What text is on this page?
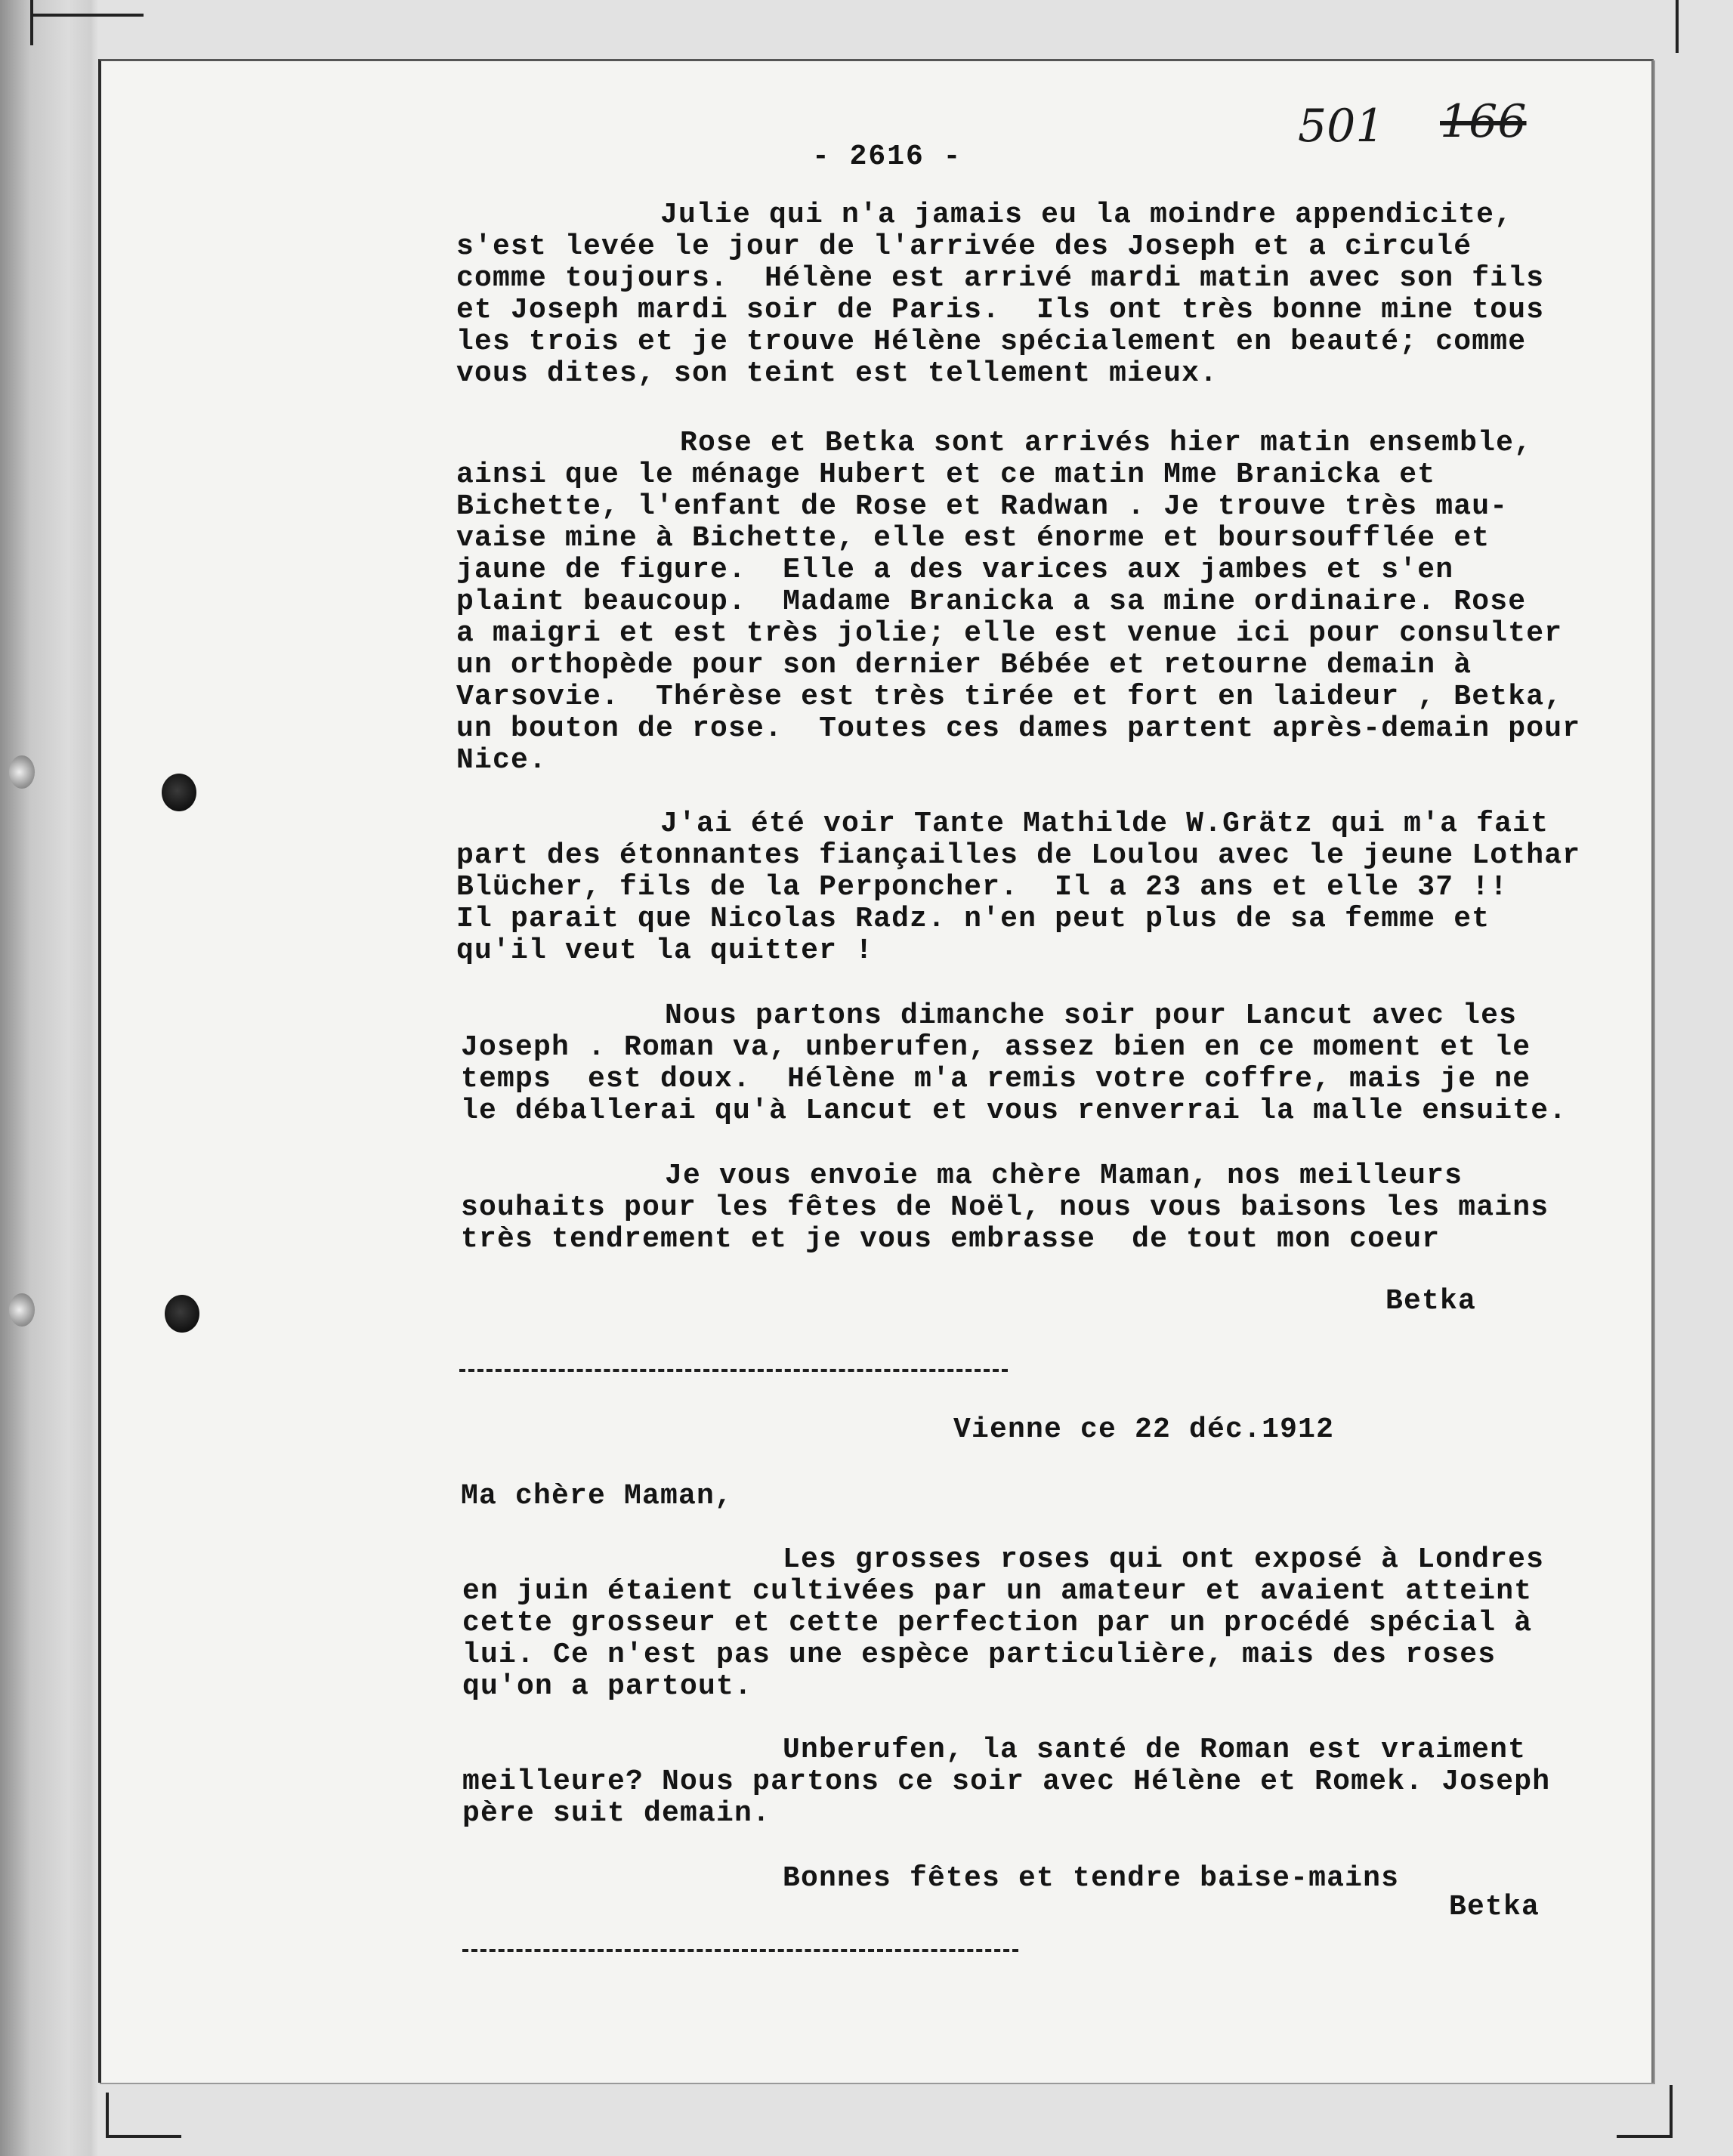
- 2616 -
501 166
Julie qui n'a jamais eu la moindre appendicite,
s'est levée le jour de l'arrivée des Joseph et a circulé
comme toujours.  Hélène est arrivé mardi matin avec son fils
et Joseph mardi soir de Paris.  Ils ont très bonne mine tous
les trois et je trouve Hélène spécialement en beauté; comme
vous dites, son teint est tellement mieux.
Rose et Betka sont arrivés hier matin ensemble,
ainsi que le ménage Hubert et ce matin Mme Branicka et
Bichette, l'enfant de Rose et Radwan . Je trouve très mau-
vaise mine à Bichette, elle est énorme et boursoufflée et
jaune de figure.  Elle a des varices aux jambes et s'en
plaint beaucoup.  Madame Branicka a sa mine ordinaire. Rose
a maigri et est très jolie; elle est venue ici pour consulter
un orthopède pour son dernier Bébée et retourne demain à
Varsovie.  Thérèse est très tirée et fort en laideur , Betka,
un bouton de rose.  Toutes ces dames partent après-demain pour
Nice.
J'ai été voir Tante Mathilde W.Grätz qui m'a fait
part des étonnantes fiançailles de Loulou avec le jeune Lothar
Blücher, fils de la Perponcher.  Il a 23 ans et elle 37 !!
Il parait que Nicolas Radz. n'en peut plus de sa femme et
qu'il veut la quitter !
Nous partons dimanche soir pour Lancut avec les
Joseph . Roman va, unberufen, assez bien en ce moment et le
temps  est doux.  Hélène m'a remis votre coffre, mais je ne
le déballerai qu'à Lancut et vous renverrai la malle ensuite.
Je vous envoie ma chère Maman, nos meilleurs
souhaits pour les fêtes de Noël, nous vous baisons les mains
très tendrement et je vous embrasse  de tout mon coeur
Betka
Vienne ce 22 déc.1912
Ma chère Maman,
Les grosses roses qui ont exposé à Londres
en juin étaient cultivées par un amateur et avaient atteint
cette grosseur et cette perfection par un procédé spécial à
lui. Ce n'est pas une espèce particulière, mais des roses
qu'on a partout.
Unberufen, la santé de Roman est vraiment
meilleure? Nous partons ce soir avec Hélène et Romek. Joseph
père suit demain.
Bonnes fêtes et tendre baise-mains
Betka
